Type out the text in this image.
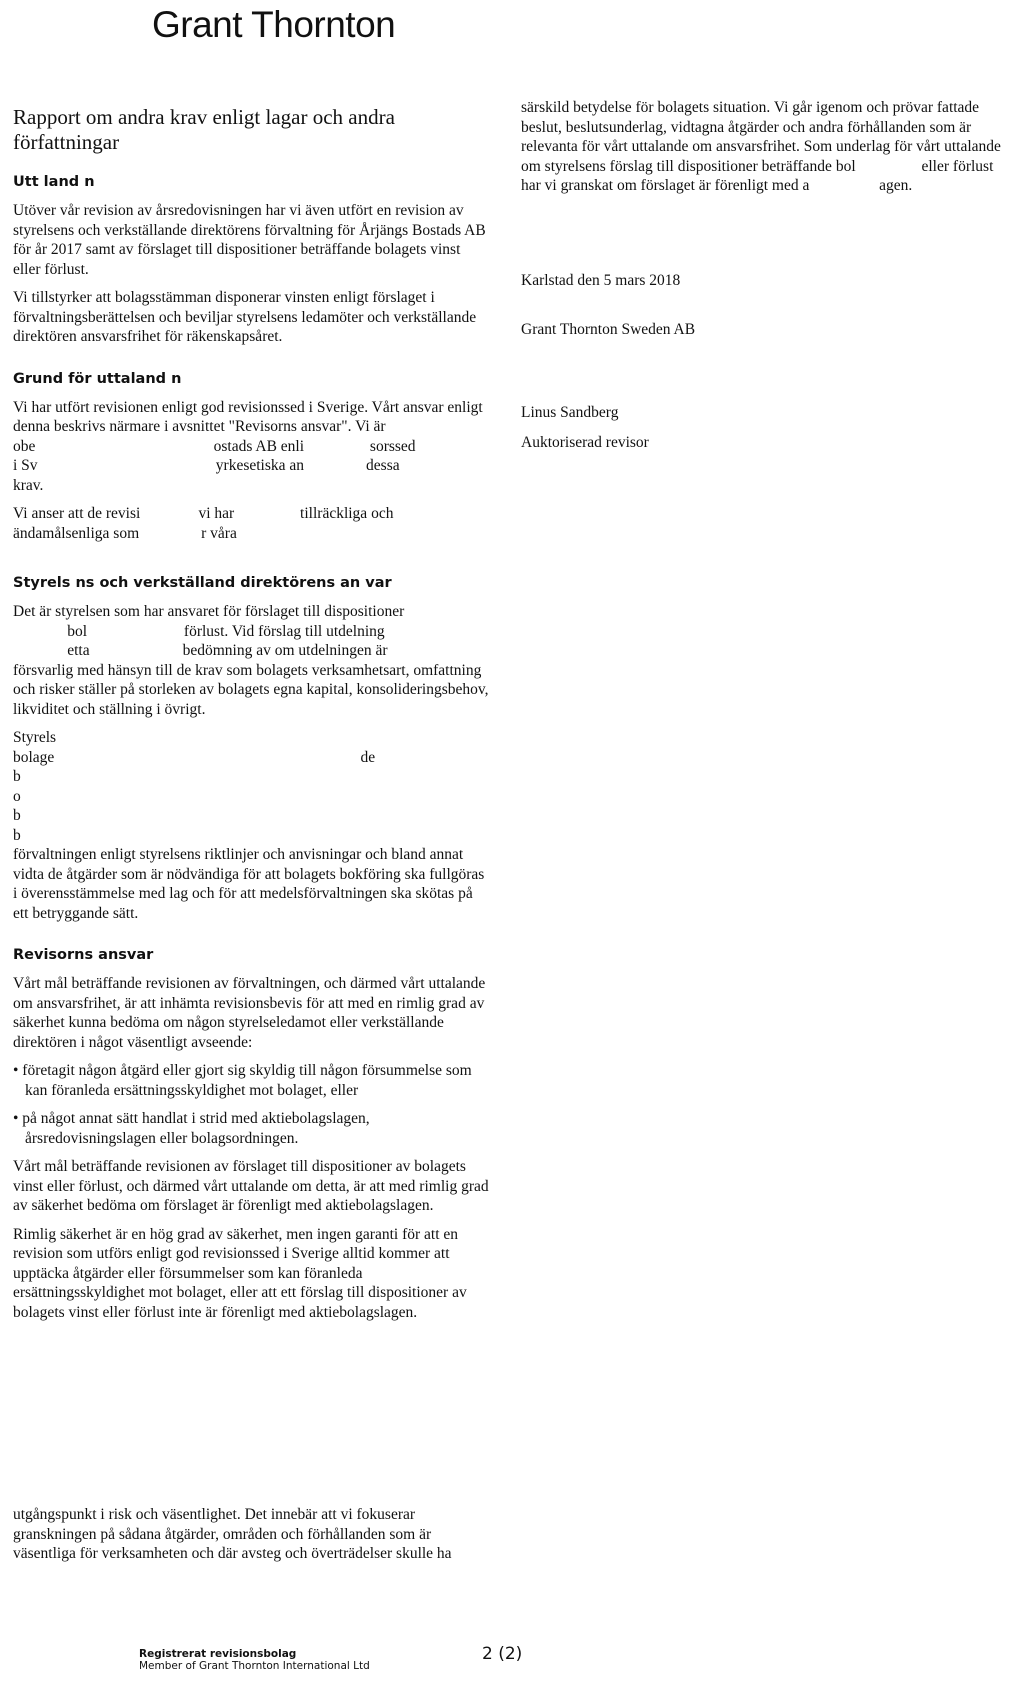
Grant Thornton
Rapport om andra krav enligt lagar och andra författningar
Utt land n

Utöver vår revision av årsredovisningen har vi även utfört en revision av styrelsens och verkställande direktörens förvaltning för Årjängs Bostads AB för år 2017 samt av förslaget till dispositioner beträffande bolagets vinst eller förlust.

Vi tillstyrker att bolagsstämman disponerar vinsten enligt förslaget i förvaltningsberättelsen och beviljar styrelsens ledamöter och verkställande direktören ansvarsfrihet för räkenskapsåret.

Grund för uttaland n

Vi har utfört revisionen enligt god revisionssed i Sverige. Vårt ansvar enligt denna beskrivs närmare i avsnittet "Revisorns ansvar". Vi är
obe                                              ostads AB enli                 sorssed
i Sv                                              yrkesetiska an                dessa
krav.

Vi anser att de revisi               vi har                 tillräckliga och
ändamålsenliga som                r våra

Styrels ns och verkställand direktörens an var

Det är styrelsen som har ansvaret för förslaget till dispositioner
bol                         förlust. Vid förslag till utdelning
etta                        bedömning av om utdelningen är
försvarlig med hänsyn till de krav som bolagets verksamhetsart, omfattning och risker ställer på storleken av bolagets egna kapital, konsolideringsbehov, likviditet och ställning i övrigt.

Styrels
bolage                                                                               de
b
o
b
b
förvaltningen enligt styrelsens riktlinjer och anvisningar och bland annat vidta de åtgärder som är nödvändiga för att bolagets bokföring ska fullgöras i överensstämmelse med lag och för att medelsförvaltningen ska skötas på ett betryggande sätt.

Revisorns ansvar

Vårt mål beträffande revisionen av förvaltningen, och därmed vårt uttalande om ansvarsfrihet, är att inhämta revisionsbevis för att med en rimlig grad av säkerhet kunna bedöma om någon styrelseledamot eller verkställande direktören i något väsentligt avseende:

• företagit någon åtgärd eller gjort sig skyldig till någon försummelse som kan föranleda ersättningsskyldighet mot bolaget, eller

• på något annat sätt handlat i strid med aktiebolagslagen, årsredovisningslagen eller bolagsordningen.

Vårt mål beträffande revisionen av förslaget till dispositioner av bolagets vinst eller förlust, och därmed vårt uttalande om detta, är att med rimlig grad av säkerhet bedöma om förslaget är förenligt med aktiebolagslagen.

Rimlig säkerhet är en hög grad av säkerhet, men ingen garanti för att en revision som utförs enligt god revisionssed i Sverige alltid kommer att upptäcka åtgärder eller försummelser som kan föranleda ersättningsskyldighet mot bolaget, eller att ett förslag till dispositioner av bolagets vinst eller förlust inte är förenligt med aktiebolagslagen.

utgångspunkt i risk och väsentlighet. Det innebär att vi fokuserar granskningen på sådana åtgärder, områden och förhållanden som är väsentliga för verksamheten och där avsteg och överträdelser skulle ha

särskild betydelse för bolagets situation. Vi går igenom och prövar fattade beslut, beslutsunderlag, vidtagna åtgärder och andra förhållanden som är relevanta för vårt uttalande om ansvarsfrihet. Som underlag för vårt uttalande om styrelsens förslag till dispositioner beträffande bol                 eller förlust har vi granskat om förslaget är förenligt med a                  agen.

Karlstad den 5 mars 2018

Grant Thornton Sweden AB

Linus Sandberg

Auktoriserad revisor

Registrerat revisionsbolag
Member of Grant Thornton International Ltd
2 (2)
